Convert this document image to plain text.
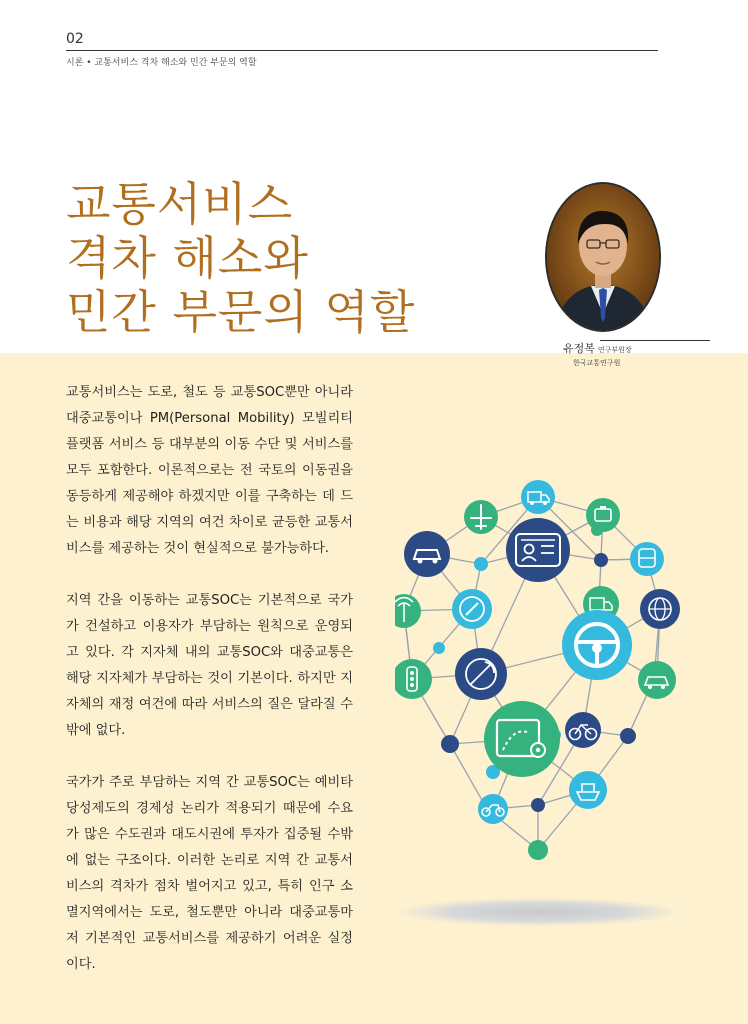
02
시론 • 교통서비스 격차 해소와 민간 부문의 역할
교통서비스
격차 해소와
민간 부문의 역할
유정복 연구부원장
한국교통연구원

교통서비스는 도로, 철도 등 교통SOC뿐만 아니라 대중교통이나 PM(Personal Mobility) 모빌리티 플랫폼 서비스 등 대부분의 이동 수단 및 서비스를 모두 포함한다. 이론적으로는 전 국토의 이동권을 동등하게 제공해야 하겠지만 이를 구축하는 데 드는 비용과 해당 지역의 여건 차이로 균등한 교통서비스를 제공하는 것이 현실적으로 불가능하다.

지역 간을 이동하는 교통SOC는 기본적으로 국가가 건설하고 이용자가 부담하는 원칙으로 운영되고 있다. 각 지자체 내의 교통SOC와 대중교통은 해당 지자체가 부담하는 것이 기본이다. 하지만 지자체의 재정 여건에 따라 서비스의 질은 달라질 수밖에 없다.

국가가 주로 부담하는 지역 간 교통SOC는 예비타당성제도의 경제성 논리가 적용되기 때문에 수요가 많은 수도권과 대도시권에 투자가 집중될 수밖에 없는 구조이다. 이러한 논리로 지역 간 교통서비스의 격차가 점차 벌어지고 있고, 특히 인구 소멸지역에서는 도로, 철도뿐만 아니라 대중교통마저 기본적인 교통서비스를 제공하기 어려운 실정이다.
